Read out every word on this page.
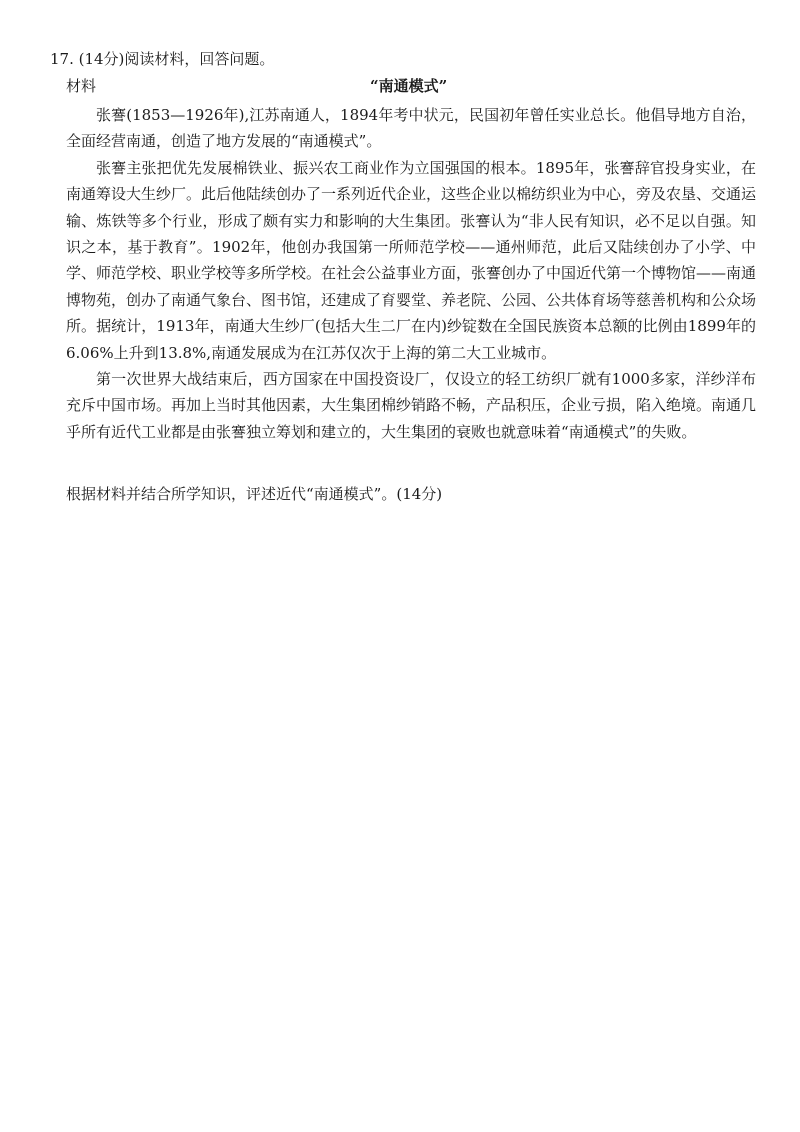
17. (14分)阅读材料，回答问题。
材料	“南通模式”

张謇(1853—1926年),江苏南通人，1894年考中状元，民国初年曾任实业总长。他倡导地方自治，全面经营南通，创造了地方发展的“南通模式”。

张謇主张把优先发展棉铁业、振兴农工商业作为立国强国的根本。1895年，张謇辞官投身实业，在南通筹设大生纱厂。此后他陆续创办了一系列近代企业，这些企业以棉纺织业为中心，旁及农垦、交通运输、炼铁等多个行业，形成了颇有实力和影响的大生集团。张謇认为“非人民有知识，必不足以自强。知识之本，基于教育”。1902年，他创办我国第一所师范学校——通州师范，此后又陆续创办了小学、中学、师范学校、职业学校等多所学校。在社会公益事业方面，张謇创办了中国近代第一个博物馆——南通博物苑，创办了南通气象台、图书馆，还建成了育婴堂、养老院、公园、公共体育场等慈善机构和公众场所。据统计，1913年，南通大生纱厂(包括大生二厂在内)纱锭数在全国民族资本总额的比例由1899年的6.06%上升到13.8%,南通发展成为在江苏仅次于上海的第二大工业城市。

第一次世界大战结束后，西方国家在中国投资设厂，仅设立的轻工纺织厂就有1000多家，洋纱洋布充斥中国市场。再加上当时其他因素，大生集团棉纱销路不畅，产品积压，企业亏损，陷入绝境。南通几乎所有近代工业都是由张謇独立筹划和建立的，大生集团的衰败也就意味着“南通模式”的失败。

根据材料并结合所学知识，评述近代“南通模式”。(14分)
